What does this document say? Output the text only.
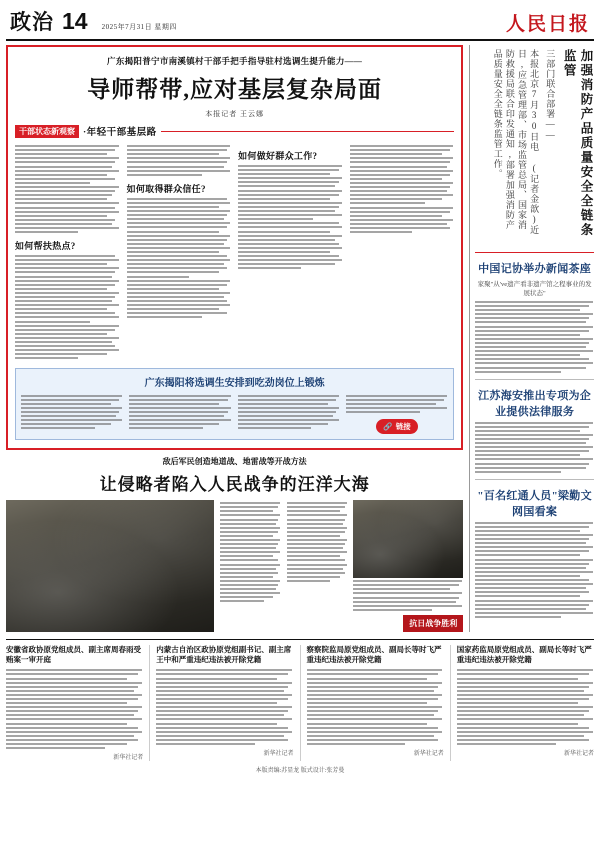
政治 14 2025年7月31日 星期四	人民日报
广东揭阳普宁市南溪镇村干部手把手指导驻村选调生提升能力——
导师帮带,应对基层复杂局面
本报记者 王云娜
干部状态新观察 ·年轻干部基层路
如何帮扶热点?
如何取得群众信任?
如何做好群众工作?
广东揭阳将选调生安排到吃劲岗位上锻炼
🔗 链接
敌后军民创造地道战、地雷战等开战方法
让侵略者陷入人民战争的汪洋大海
抗日战争胜利
本报北京7月30日电 (记者金歆)近日,应急管理部、市场监管总局、国家消防救援局联合印发通知,部署加强消防产品质量安全全链条监管工作。	三部门联合部署——	加强消防产品质量安全全链条监管
中国记协举办新闻茶座
家聚"从've遗产看非遗产馆之程事业的发展状态"
江苏海安推出专项为企业提供法律服务
"百名红通人员"梁勤文网国看案
安徽省政协原党组成员、副主席周春雨受贿案一审开庭
新华社记者
内蒙古自治区政协原党组副书记、副主席王中和严重违纪违法被开除党籍
新华社记者
察察院监局原党组成员、副局长等时飞严重违纪违法被开除党籍
新华社记者
国家药监局原党组成员、副局长等时飞严重违纪违法被开除党籍
新华社记者
本版责编:苏显龙 版式设计:张芳曼
